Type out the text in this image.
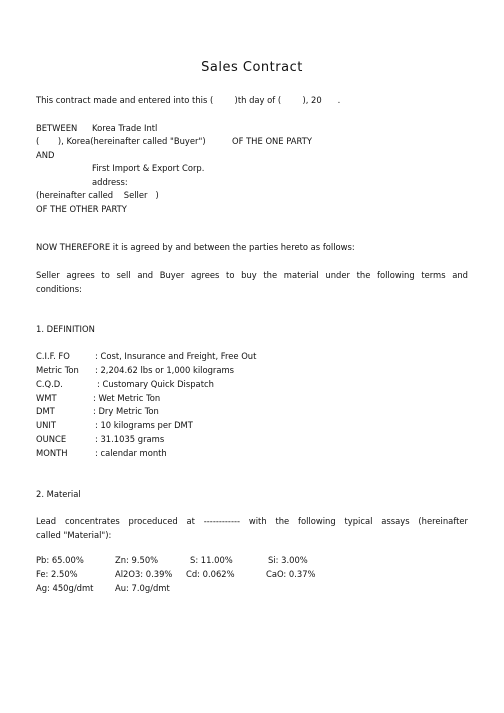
Sales Contract
This contract made and entered into this (        )th day of (        ), 20      .
BETWEEN Korea Trade Intl
(       ), Korea(hereinafter called "Buyer")	OF THE ONE PARTY
AND
First Import & Export Corp.
address:
(hereinafter called    Seller   )
OF THE OTHER PARTY
NOW THEREFORE it is agreed by and between the parties hereto as follows:
Seller agrees to sell and Buyer agrees to buy the material under the following terms and
conditions:
1. DEFINITION
C.I.F. FO	: Cost, Insurance and Freight, Free Out
Metric Ton : 2,204.62 lbs or 1,000 kilograms
C.Q.D.	: Customary Quick Dispatch
WMT	: Wet Metric Ton
DMT	: Dry Metric Ton
UNIT	: 10 kilograms per DMT
OUNCE	: 31.1035 grams
MONTH	: calendar month
2. Material
Lead concentrates proceduced at ------------ with the following typical assays (hereinafter
called "Material"):
Pb: 65.00%	Zn: 9.50%	S: 11.00%	Si: 3.00%
Fe: 2.50%	Al2O3: 0.39% Cd: 0.062%	CaO: 0.37%
Ag: 450g/dmt	Au: 7.0g/dmt
